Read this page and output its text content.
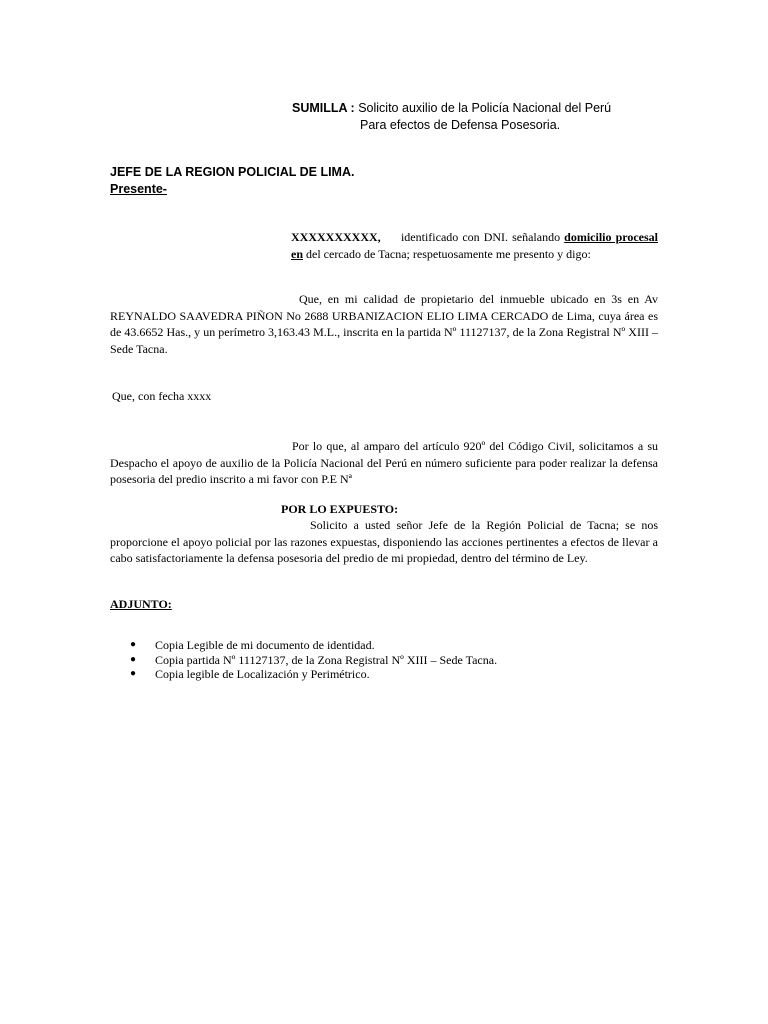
SUMILLA : Solicito auxilio de la Policía Nacional del Perú
Para efectos de Defensa Posesoria.
JEFE DE LA REGION POLICIAL DE LIMA.
Presente-
XXXXXXXXXX, identificado con DNI. señalando domicilio procesal en del cercado de Tacna; respetuosamente me presento y digo:
Que, en mi calidad de propietario del inmueble ubicado en 3s en Av REYNALDO SAAVEDRA PIÑON No 2688 URBANIZACION ELIO LIMA CERCADO de Lima, cuya área es de 43.6652 Has., y un perímetro 3,163.43 M.L., inscrita en la partida Nº 11127137, de la Zona Registral Nº XIII – Sede Tacna.
Que, con fecha xxxx
Por lo que, al amparo del artículo 920º del Código Civil, solicitamos a su Despacho el apoyo de auxilio de la Policía Nacional del Perú en número suficiente para poder realizar la defensa posesoria del predio inscrito a mi favor con P.E Nª
POR LO EXPUESTO:
Solicito a usted señor Jefe de la Región Policial de Tacna; se nos proporcione el apoyo policial por las razones expuestas, disponiendo las acciones pertinentes a efectos de llevar a cabo satisfactoriamente la defensa posesoria del predio de mi propiedad, dentro del término de Ley.
ADJUNTO:
● Copia Legible de mi documento de identidad.
● Copia partida Nº 11127137, de la Zona Registral Nº XIII – Sede Tacna.
● Copia legible de Localización y Perimétrico.
